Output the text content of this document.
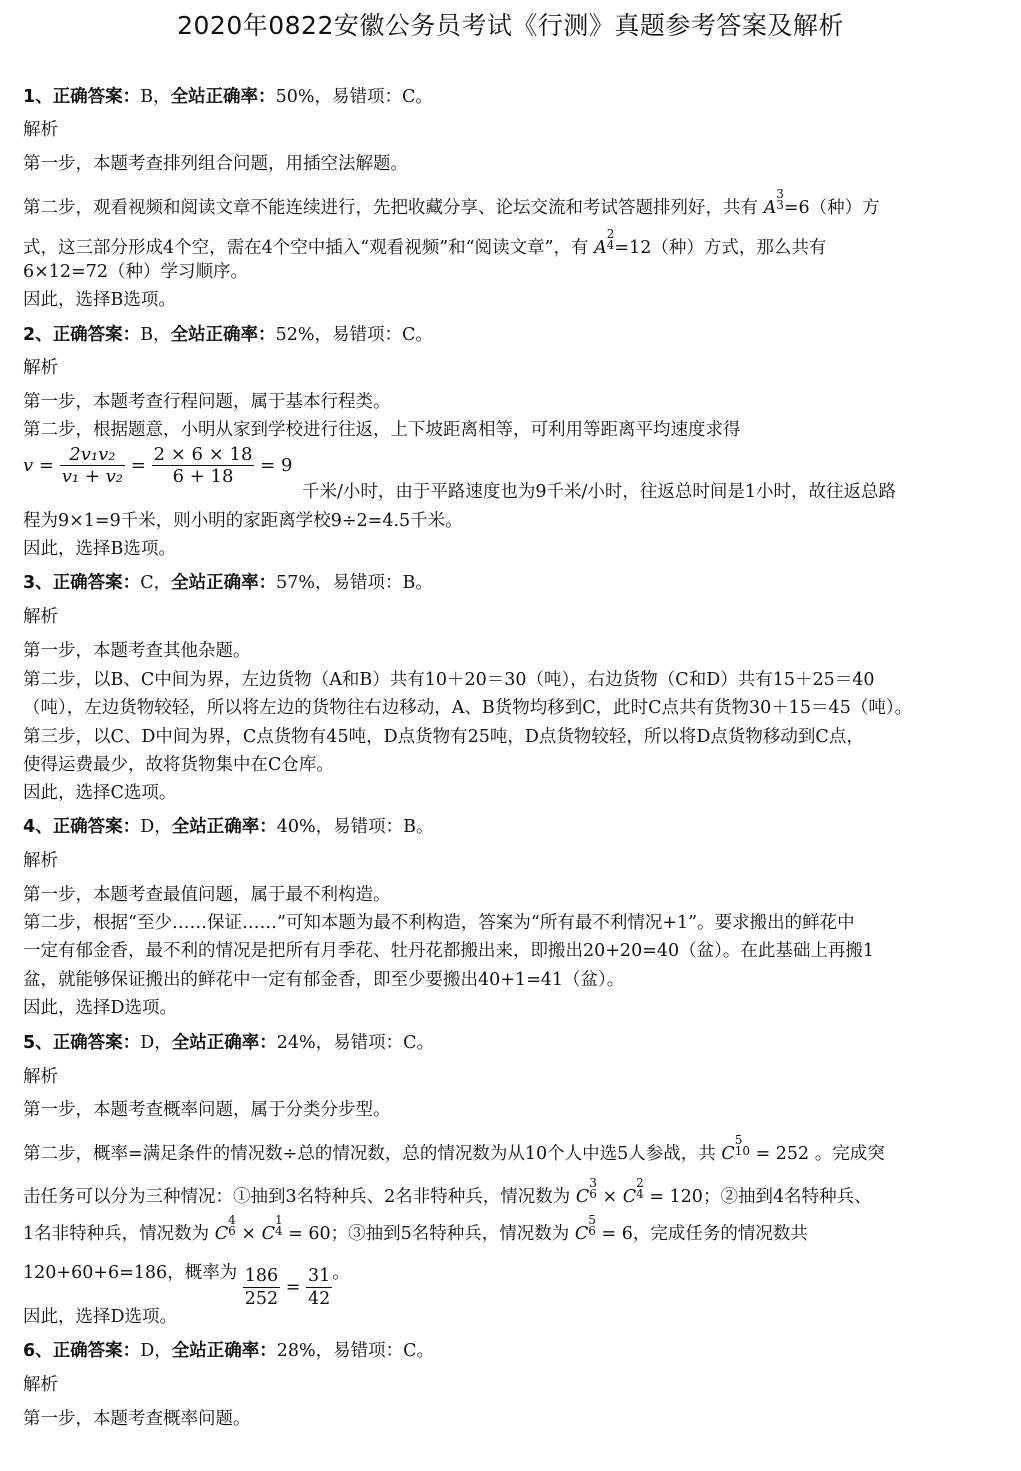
2020年0822安徽公务员考试《行测》真题参考答案及解析
1、正确答案：B，全站正确率：50%，易错项：C。
解析
第一步，本题考查排列组合问题，用插空法解题。
第二步，观看视频和阅读文章不能连续进行，先把收藏分享、论坛交流和考试答题排列好，共有 A
3
3 =6（种）方
式，这三部分形成4个空，需在4个空中插入“观看视频”和“阅读文章”，有 A
2
4 =12（种）方式，那么共有
6×12=72（种）学习顺序。
因此，选择B选项。
2、正确答案：B，全站正确率：52%，易错项：C。
解析
第一步，本题考查行程问题，属于基本行程类。
第二步，根据题意，小明从家到学校进行往返，上下坡距离相等，可利用等距离平均速度求得
$v = \frac{\text{2v₁v₂}}{\text{v₁ + v₂}} = \frac{2 \times 6 \times 18}{6 + 18} = 9$
千米/小时，由于平路速度也为9千米/小时，往返总时间是1小时，故往返总路
程为9×1=9千米，则小明的家距离学校9÷2=4.5千米。
因此，选择B选项。
3、正确答案：C，全站正确率：57%，易错项：B。
解析
第一步，本题考查其他杂题。
第二步，以B、C中间为界，左边货物（A和B）共有10＋20＝30（吨），右边货物（C和D）共有15＋25＝40
（吨），左边货物较轻，所以将左边的货物往右边移动，A、B货物均移到C，此时C点共有货物30＋15＝45（吨）。
第三步，以C、D中间为界，C点货物有45吨，D点货物有25吨，D点货物较轻，所以将D点货物移动到C点，
使得运费最少，故将货物集中在C仓库。
因此，选择C选项。
4、正确答案：D，全站正确率：40%，易错项：B。
解析
第一步，本题考查最值问题，属于最不利构造。
第二步，根据“至少……保证……”可知本题为最不利构造，答案为“所有最不利情况+1”。要求搬出的鲜花中
一定有郁金香，最不利的情况是把所有月季花、牡丹花都搬出来，即搬出20+20=40（盆）。在此基础上再搬1
盆，就能够保证搬出的鲜花中一定有郁金香，即至少要搬出40+1=41（盆）。
因此，选择D选项。
5、正确答案：D，全站正确率：24%，易错项：C。
解析
第一步，本题考查概率问题，属于分类分步型。
第二步，概率=满足条件的情况数÷总的情况数，总的情况数为从10个人中选5人参战，共 C
5
10 = 252 。完成突
击任务可以分为三种情况：①抽到3名特种兵、2名非特种兵，情况数为 C
3
6 × C
2
4 = 120；②抽到4名特种兵、
1名非特种兵，情况数为 C
4
6 × C
1
4 = 60；③抽到5名特种兵，情况数为 C
5
6 = 6，完成任务的情况数共
120+60+6=186，概率为 $\frac{186}{252} = \frac{31}{42}$ 。
因此，选择D选项。
6、正确答案：D，全站正确率：28%，易错项：C。
解析
第一步，本题考查概率问题。
